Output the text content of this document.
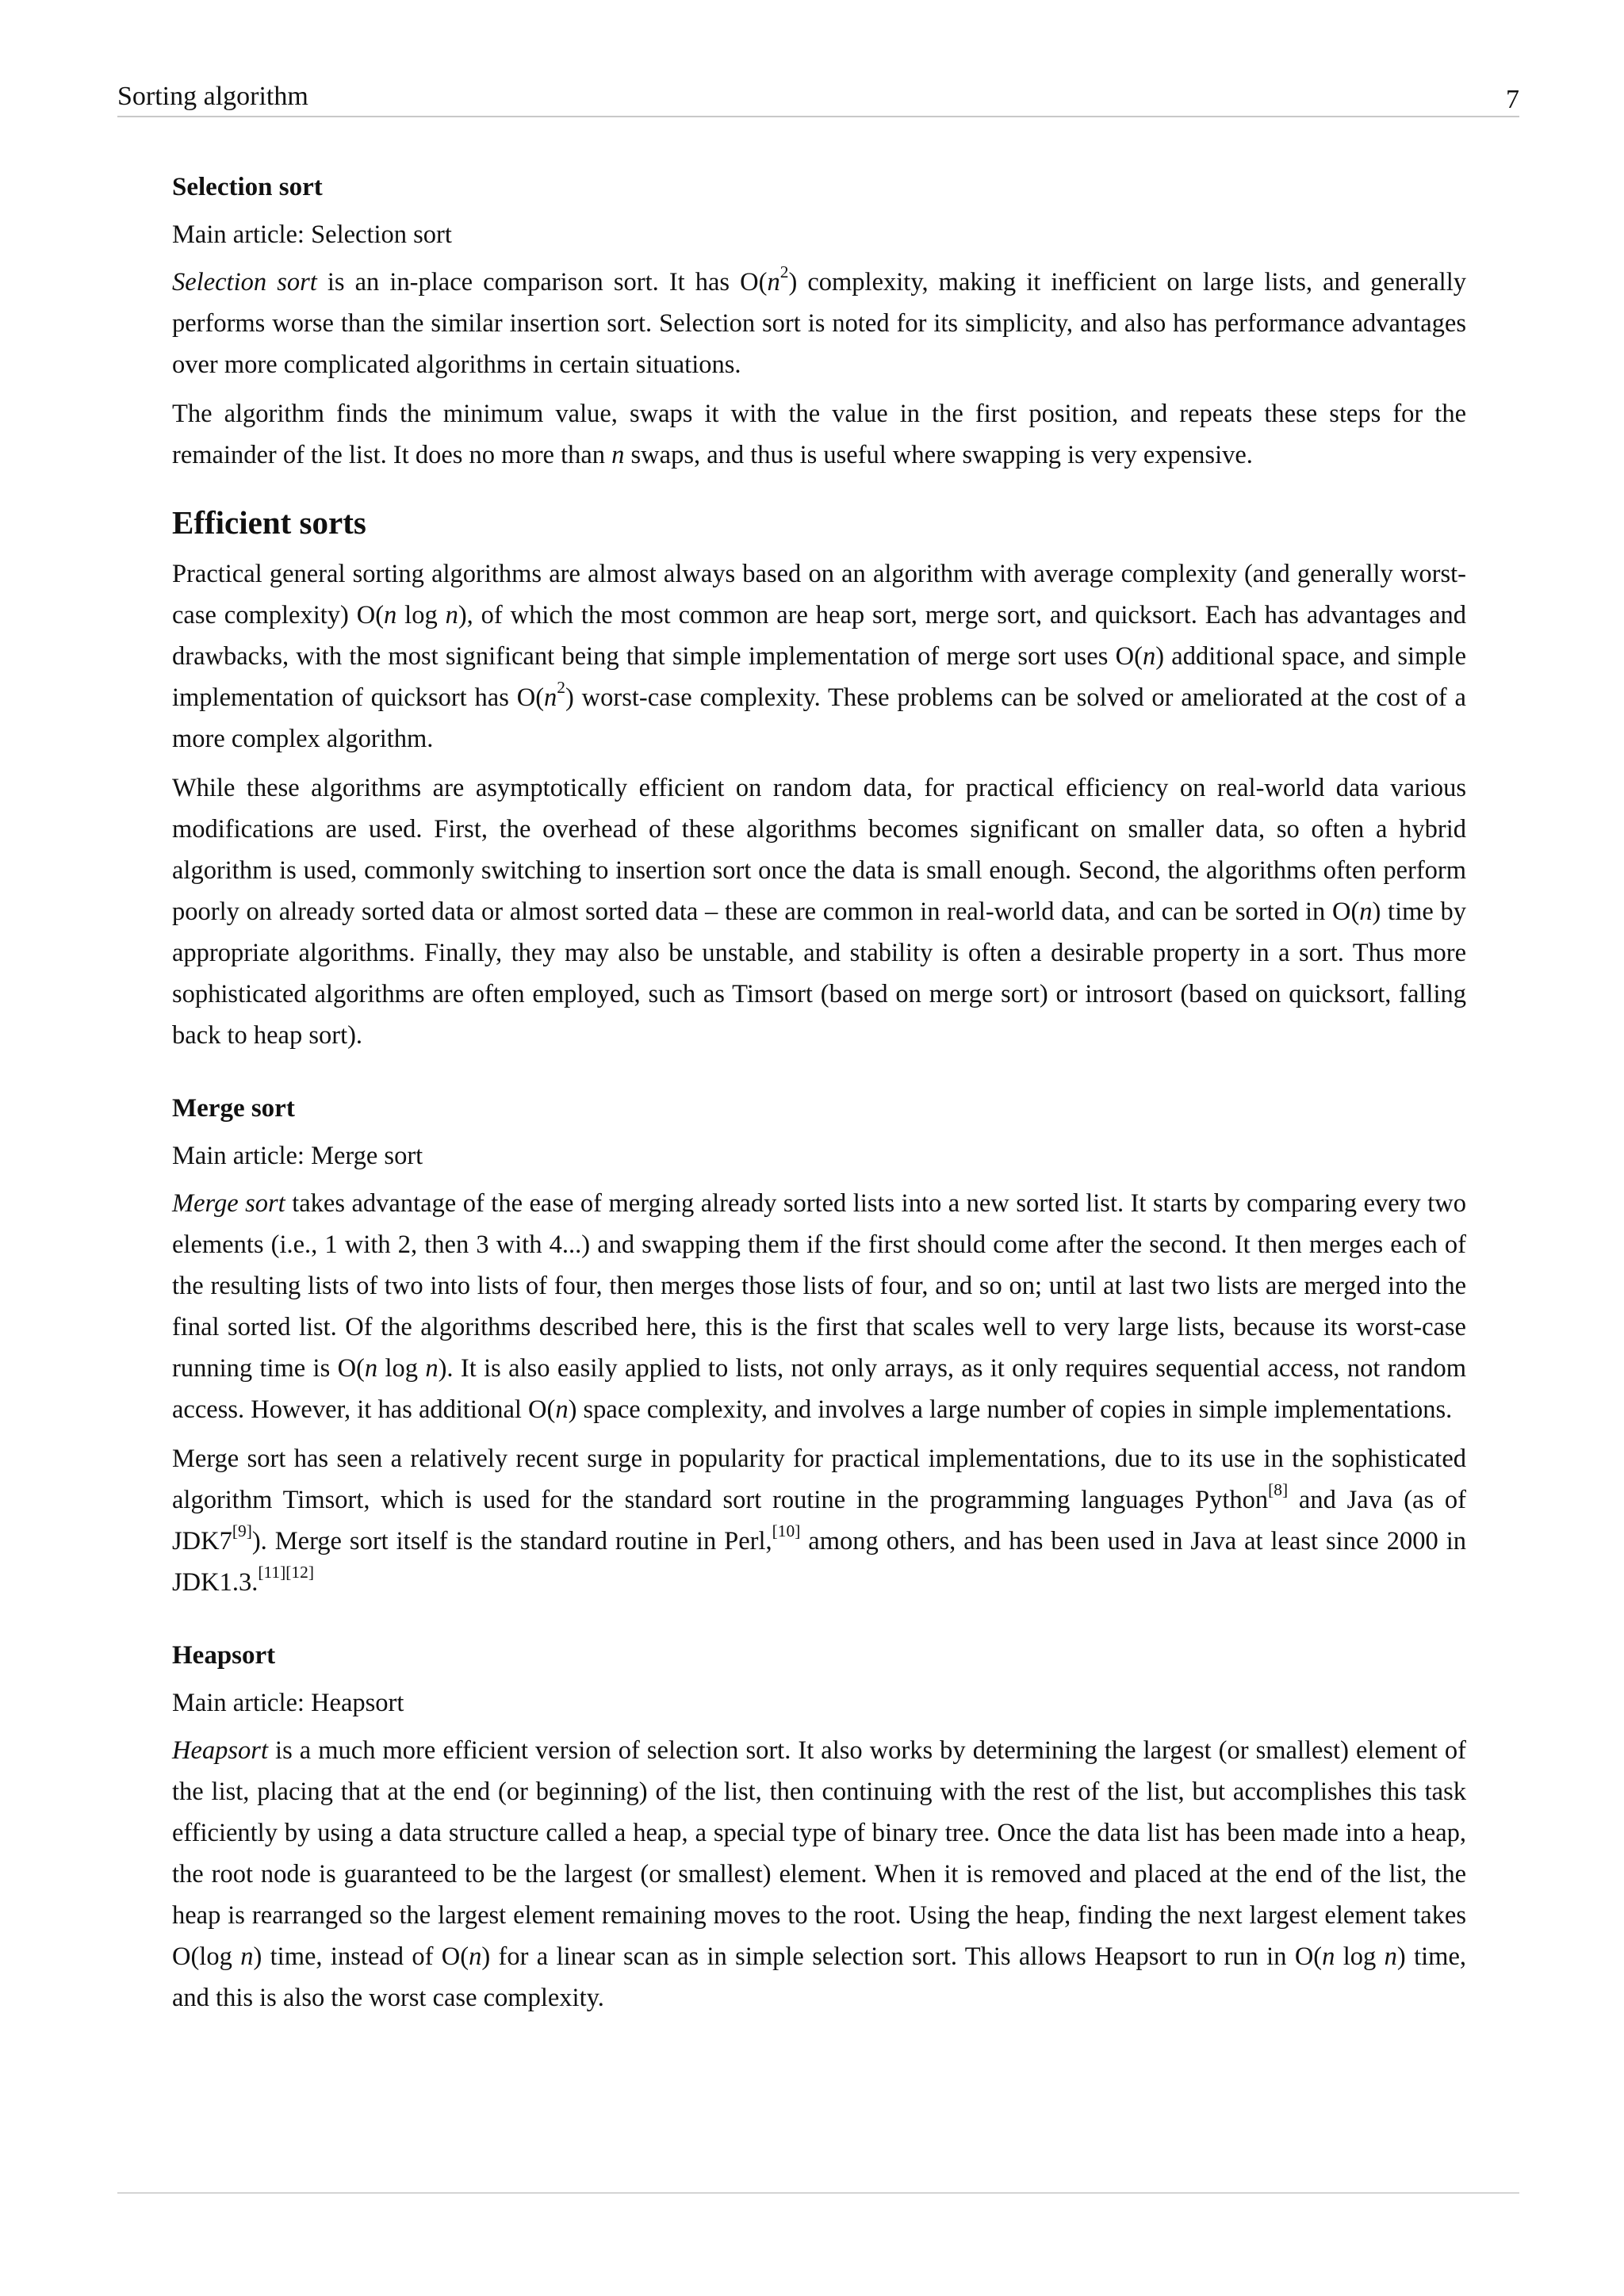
Sorting algorithm	7
Selection sort

Main article: Selection sort

Selection sort is an in-place comparison sort. It has $O(n^2)$ complexity, making it inefficient on large lists, and generally performs worse than the similar insertion sort. Selection sort is noted for its simplicity, and also has performance advantages over more complicated algorithms in certain situations.

The algorithm finds the minimum value, swaps it with the value in the first position, and repeats these steps for the remainder of the list. It does no more than n swaps, and thus is useful where swapping is very expensive.

Efficient sorts

Practical general sorting algorithms are almost always based on an algorithm with average complexity (and generally worst-case complexity) O(n log n), of which the most common are heap sort, merge sort, and quicksort. Each has advantages and drawbacks, with the most significant being that simple implementation of merge sort uses O(n) additional space, and simple implementation of quicksort has $O(n^2)$ worst-case complexity. These problems can be solved or ameliorated at the cost of a more complex algorithm.

While these algorithms are asymptotically efficient on random data, for practical efficiency on real-world data various modifications are used. First, the overhead of these algorithms becomes significant on smaller data, so often a hybrid algorithm is used, commonly switching to insertion sort once the data is small enough. Second, the algorithms often perform poorly on already sorted data or almost sorted data – these are common in real-world data, and can be sorted in O(n) time by appropriate algorithms. Finally, they may also be unstable, and stability is often a desirable property in a sort. Thus more sophisticated algorithms are often employed, such as Timsort (based on merge sort) or introsort (based on quicksort, falling back to heap sort).

Merge sort

Main article: Merge sort

Merge sort takes advantage of the ease of merging already sorted lists into a new sorted list. It starts by comparing every two elements (i.e., 1 with 2, then 3 with 4...) and swapping them if the first should come after the second. It then merges each of the resulting lists of two into lists of four, then merges those lists of four, and so on; until at last two lists are merged into the final sorted list. Of the algorithms described here, this is the first that scales well to very large lists, because its worst-case running time is O(n log n). It is also easily applied to lists, not only arrays, as it only requires sequential access, not random access. However, it has additional O(n) space complexity, and involves a large number of copies in simple implementations.

Merge sort has seen a relatively recent surge in popularity for practical implementations, due to its use in the sophisticated algorithm Timsort, which is used for the standard sort routine in the programming languages Python[8] and Java (as of JDK7[9]). Merge sort itself is the standard routine in Perl,[10] among others, and has been used in Java at least since 2000 in JDK1.3.[11][12]

Heapsort

Main article: Heapsort

Heapsort is a much more efficient version of selection sort. It also works by determining the largest (or smallest) element of the list, placing that at the end (or beginning) of the list, then continuing with the rest of the list, but accomplishes this task efficiently by using a data structure called a heap, a special type of binary tree. Once the data list has been made into a heap, the root node is guaranteed to be the largest (or smallest) element. When it is removed and placed at the end of the list, the heap is rearranged so the largest element remaining moves to the root. Using the heap, finding the next largest element takes O(log n) time, instead of O(n) for a linear scan as in simple selection sort. This allows Heapsort to run in O(n log n) time, and this is also the worst case complexity.
